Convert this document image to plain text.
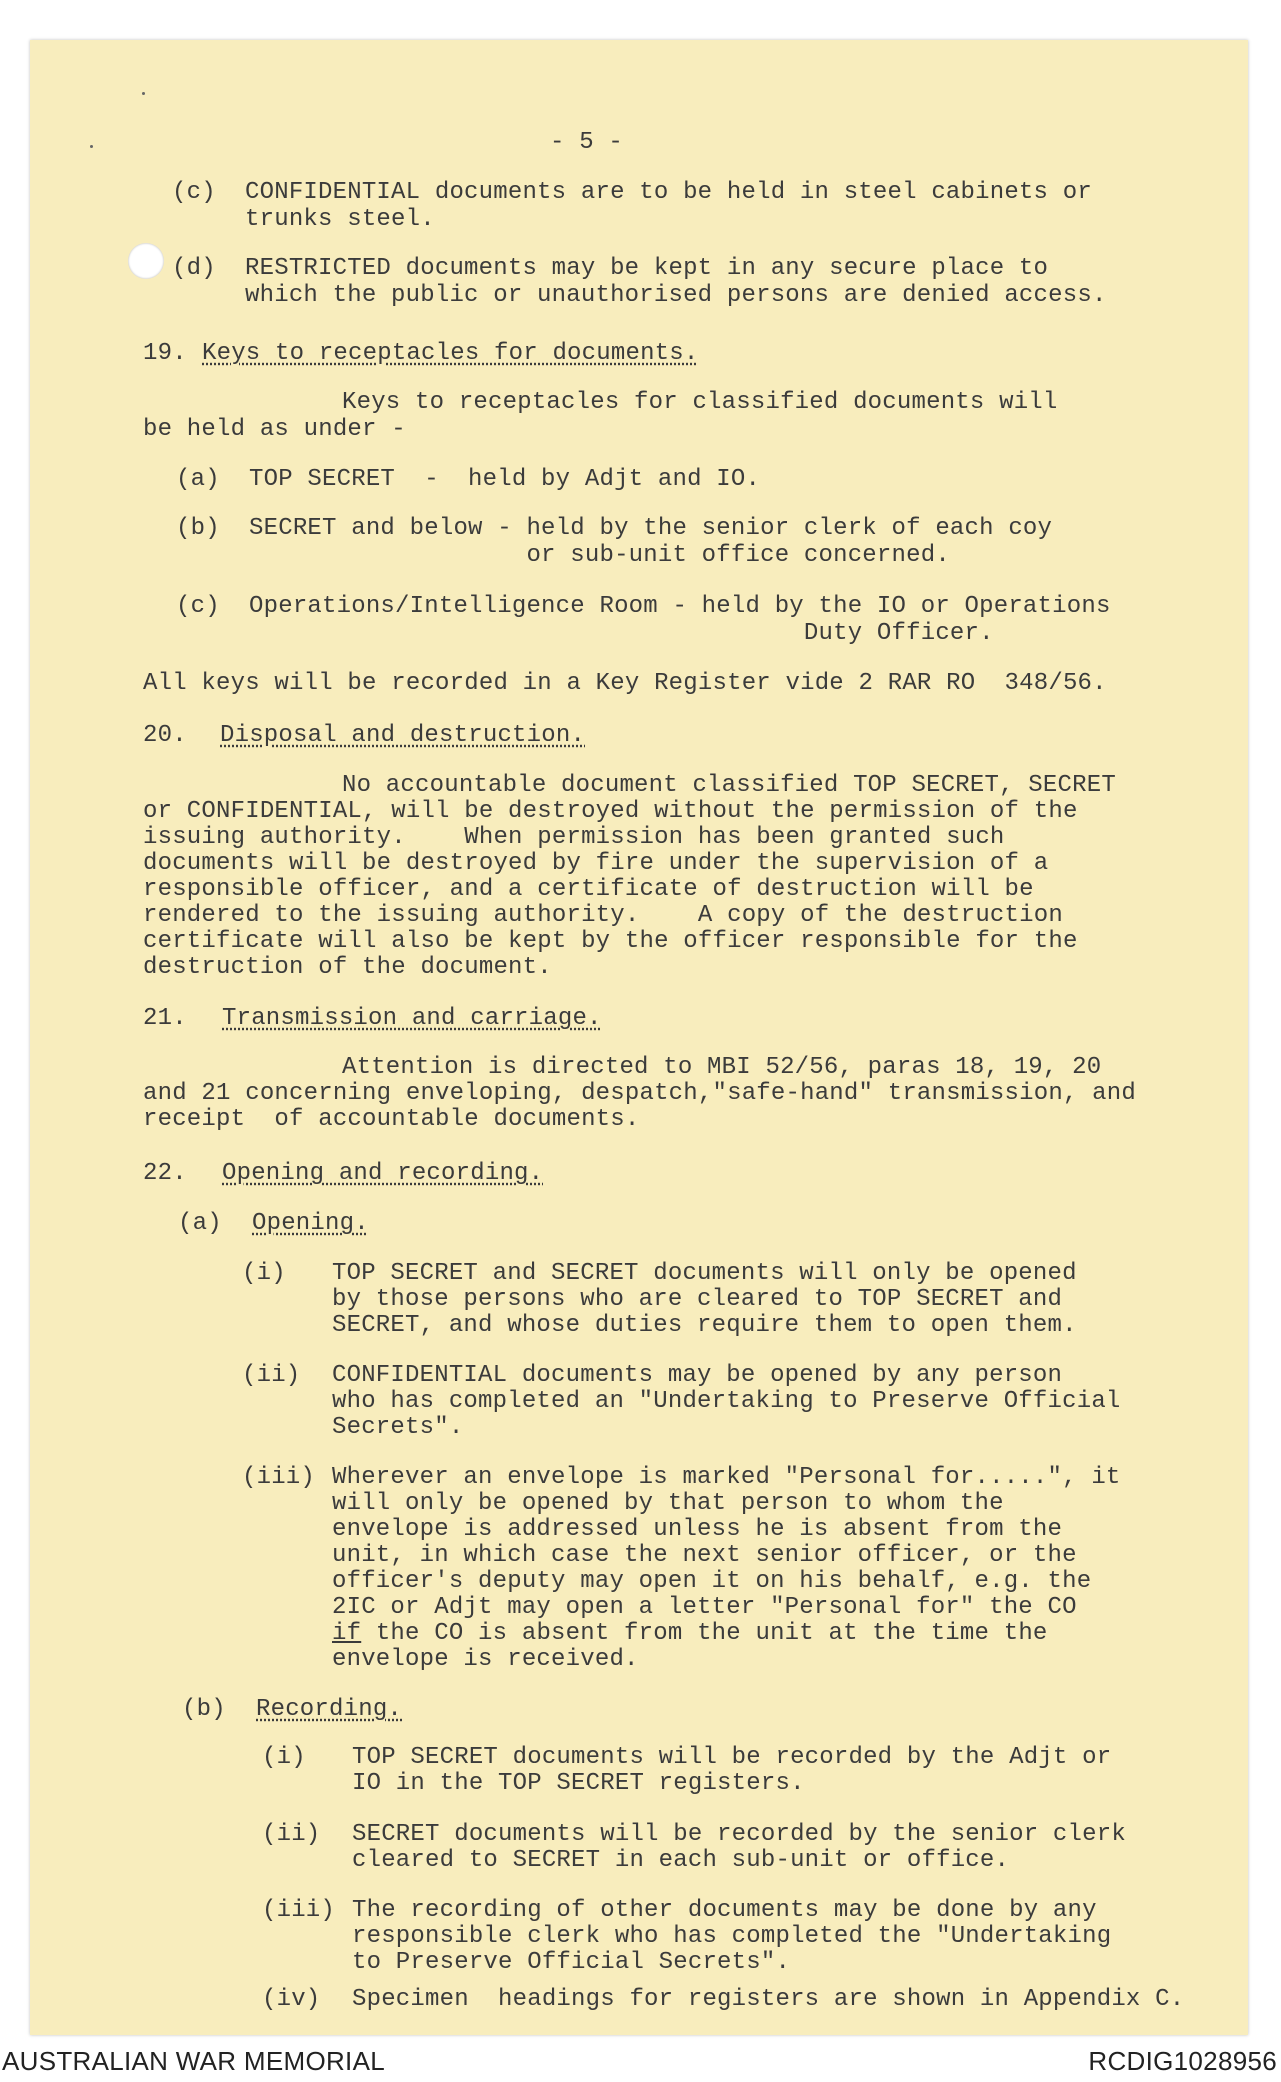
- 5 -
(c)  CONFIDENTIAL documents are to be held in steel cabinets or
trunks steel.
(d)  RESTRICTED documents may be kept in any secure place to
which the public or unauthorised persons are denied access.
19. Keys to receptacles for documents.
Keys to receptacles for classified documents will
be held as under -
(a)  TOP SECRET  -  held by Adjt and IO.
(b)  SECRET and below - held by the senior clerk of each coy
or sub-unit office concerned.
(c)  Operations/Intelligence Room - held by the IO or Operations
Duty Officer.
All keys will be recorded in a Key Register vide 2 RAR RO  348/56.
20. Disposal and destruction.
No accountable document classified TOP SECRET, SECRET
or CONFIDENTIAL, will be destroyed without the permission of the
issuing authority.    When permission has been granted such
documents will be destroyed by fire under the supervision of a
responsible officer, and a certificate of destruction will be
rendered to the issuing authority.    A copy of the destruction
certificate will also be kept by the officer responsible for the
destruction of the document.
21. Transmission and carriage.
Attention is directed to MBI 52/56, paras 18, 19, 20
and 21 concerning enveloping, despatch,"safe-hand" transmission, and
receipt  of accountable documents.
22. Opening and recording.
(a) Opening.
(i) TOP SECRET and SECRET documents will only be opened
by those persons who are cleared to TOP SECRET and
SECRET, and whose duties require them to open them.
(ii) CONFIDENTIAL documents may be opened by any person
who has completed an "Undertaking to Preserve Official
Secrets".
(iii) Wherever an envelope is marked "Personal for.....", it
will only be opened by that person to whom the
envelope is addressed unless he is absent from the
unit, in which case the next senior officer, or the
officer's deputy may open it on his behalf, e.g. the
2IC or Adjt may open a letter "Personal for" the CO
if the CO is absent from the unit at the time the
envelope is received.
(b) Recording.
(i) TOP SECRET documents will be recorded by the Adjt or
IO in the TOP SECRET registers.
(ii) SECRET documents will be recorded by the senior clerk
cleared to SECRET in each sub-unit or office.
(iii) The recording of other documents may be done by any
responsible clerk who has completed the "Undertaking
to Preserve Official Secrets".
(iv) Specimen  headings for registers are shown in Appendix C.
AUSTRALIAN WAR MEMORIAL	RCDIG1028956
